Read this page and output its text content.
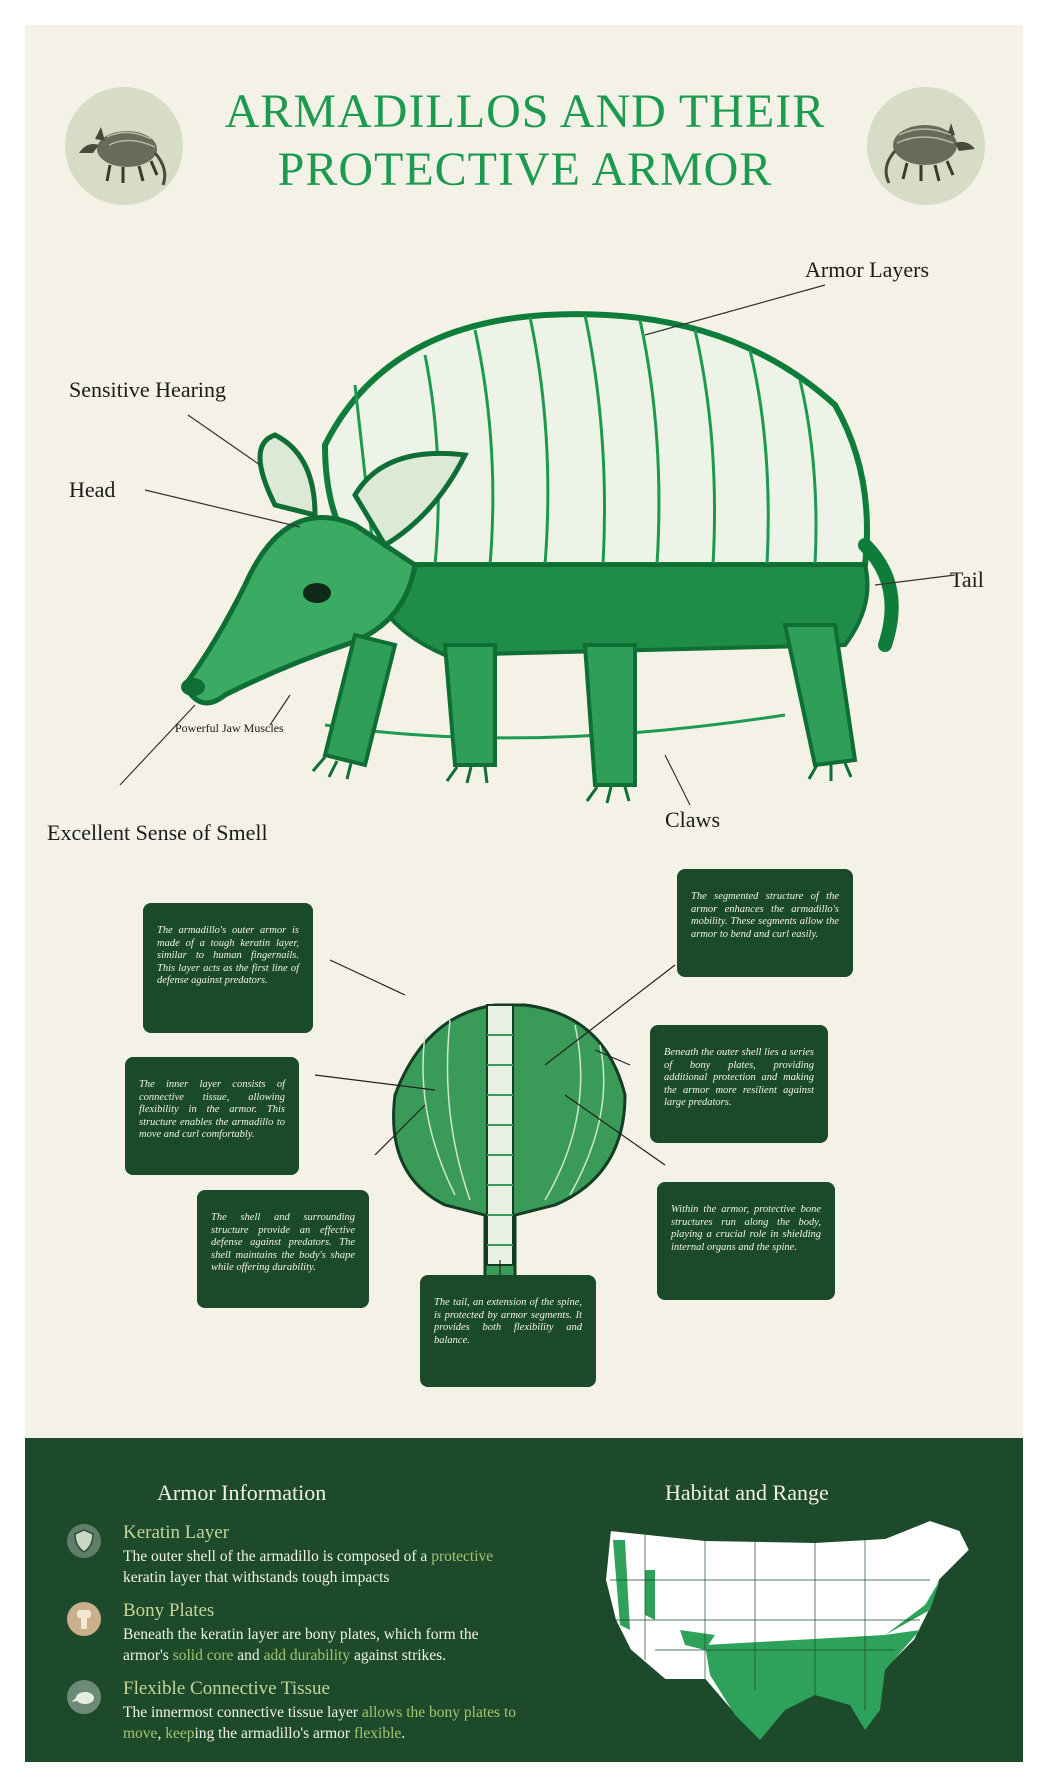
ARMADILLOS AND THEIR PROTECTIVE ARMOR
Armor Layers
Sensitive Hearing
Head
Tail
Powerful Jaw Muscles
Claws
Excellent Sense of Smell
The armadillo's outer armor is made of a tough keratin layer, similar to human fingernails. This layer acts as the first line of defense against predators.
The segmented structure of the armor enhances the armadillo's mobility. These segments allow the armor to bend and curl easily.
Beneath the outer shell lies a series of bony plates, providing additional protection and making the armor more resilient against large predators.
The inner layer consists of connective tissue, allowing flexibility in the armor. This structure enables the armadillo to move and curl comfortably.
The shell and surrounding structure provide an effective defense against predators. The shell maintains the body's shape while offering durability.
Within the armor, protective bone structures run along the body, playing a crucial role in shielding internal organs and the spine.
The tail, an extension of the spine, is protected by armor segments. It provides both flexibility and balance.
Armor Information	Habitat and Range
Keratin Layer
The outer shell of the armadillo is composed of a protective keratin layer that withstands tough impacts
Bony Plates
Beneath the keratin layer are bony plates, which form the armor's solid core and add durability against strikes.
Flexible Connective Tissue
The innermost connective tissue layer allows the bony plates to move, keeping the armadillo's armor flexible.
